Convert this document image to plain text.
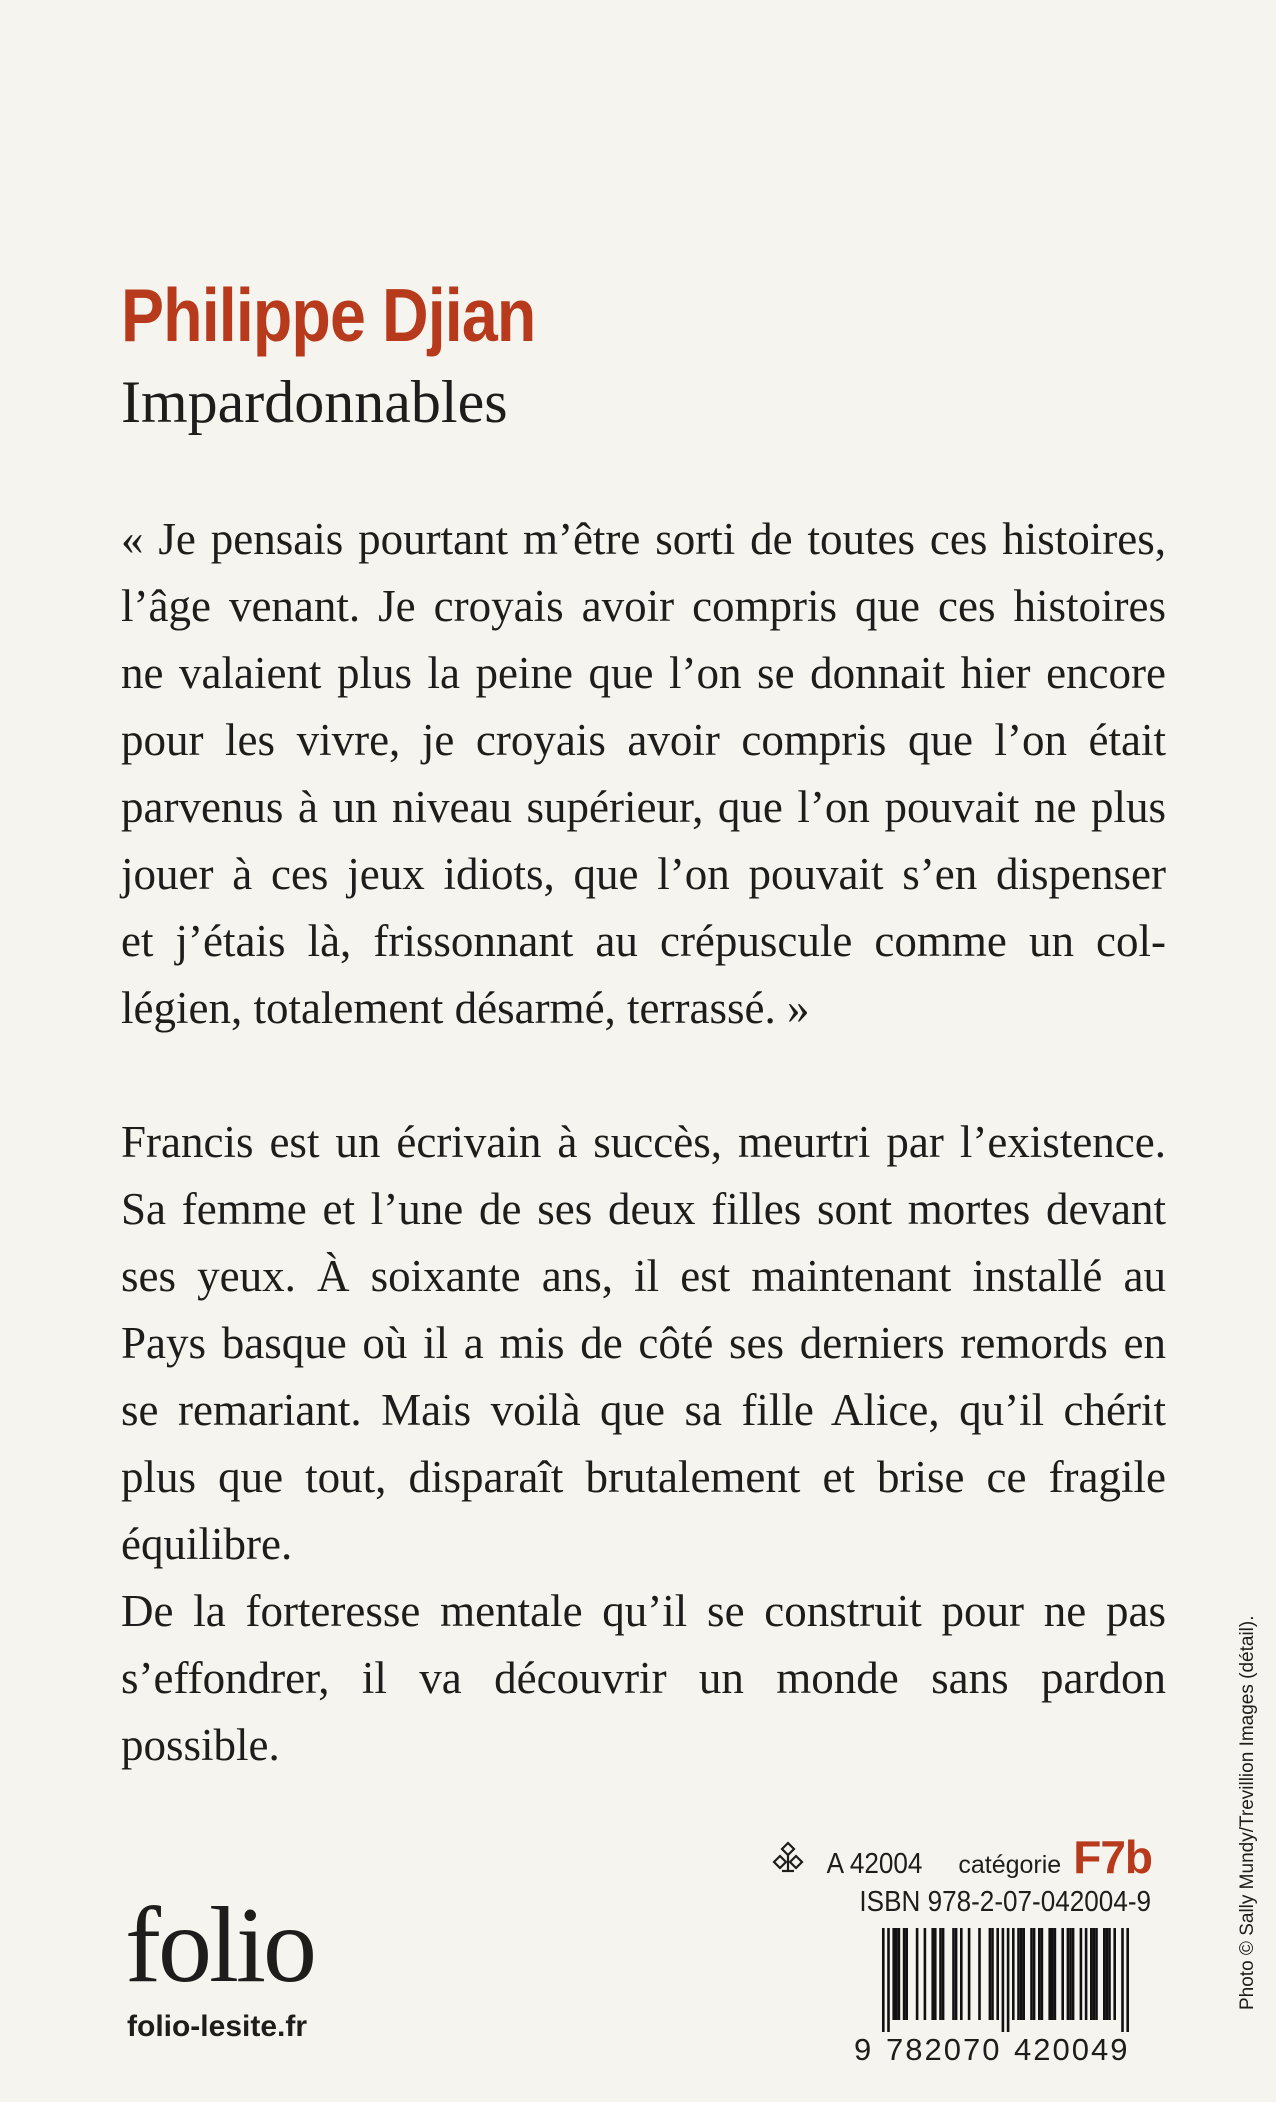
Philippe Djian
Impardonnables
« Je pensais pourtant m’être sorti de toutes ces histoires,
l’âge venant. Je croyais avoir compris que ces histoires
ne valaient plus la peine que l’on se donnait hier encore
pour les vivre, je croyais avoir compris que l’on était
parvenus à un niveau supérieur, que l’on pouvait ne plus
jouer à ces jeux idiots, que l’on pouvait s’en dispenser
et j’étais là, frissonnant au crépuscule comme un col-
légien, totalement désarmé, terrassé. »
Francis est un écrivain à succès, meurtri par l’existence.
Sa femme et l’une de ses deux filles sont mortes devant
ses yeux. À soixante ans, il est maintenant installé au
Pays basque où il a mis de côté ses derniers remords en
se remariant. Mais voilà que sa fille Alice, qu’il chérit
plus que tout, disparaît brutalement et brise ce fragile
équilibre.
De la forteresse mentale qu’il se construit pour ne pas
s’effondrer, il va découvrir un monde sans pardon
possible.
folio
folio-lesite.fr
A 42004 catégorie F7b
ISBN 978-2-07-042004-9
9 782070 420049
Photo © Sally Mundy/Trevillion Images (détail).
